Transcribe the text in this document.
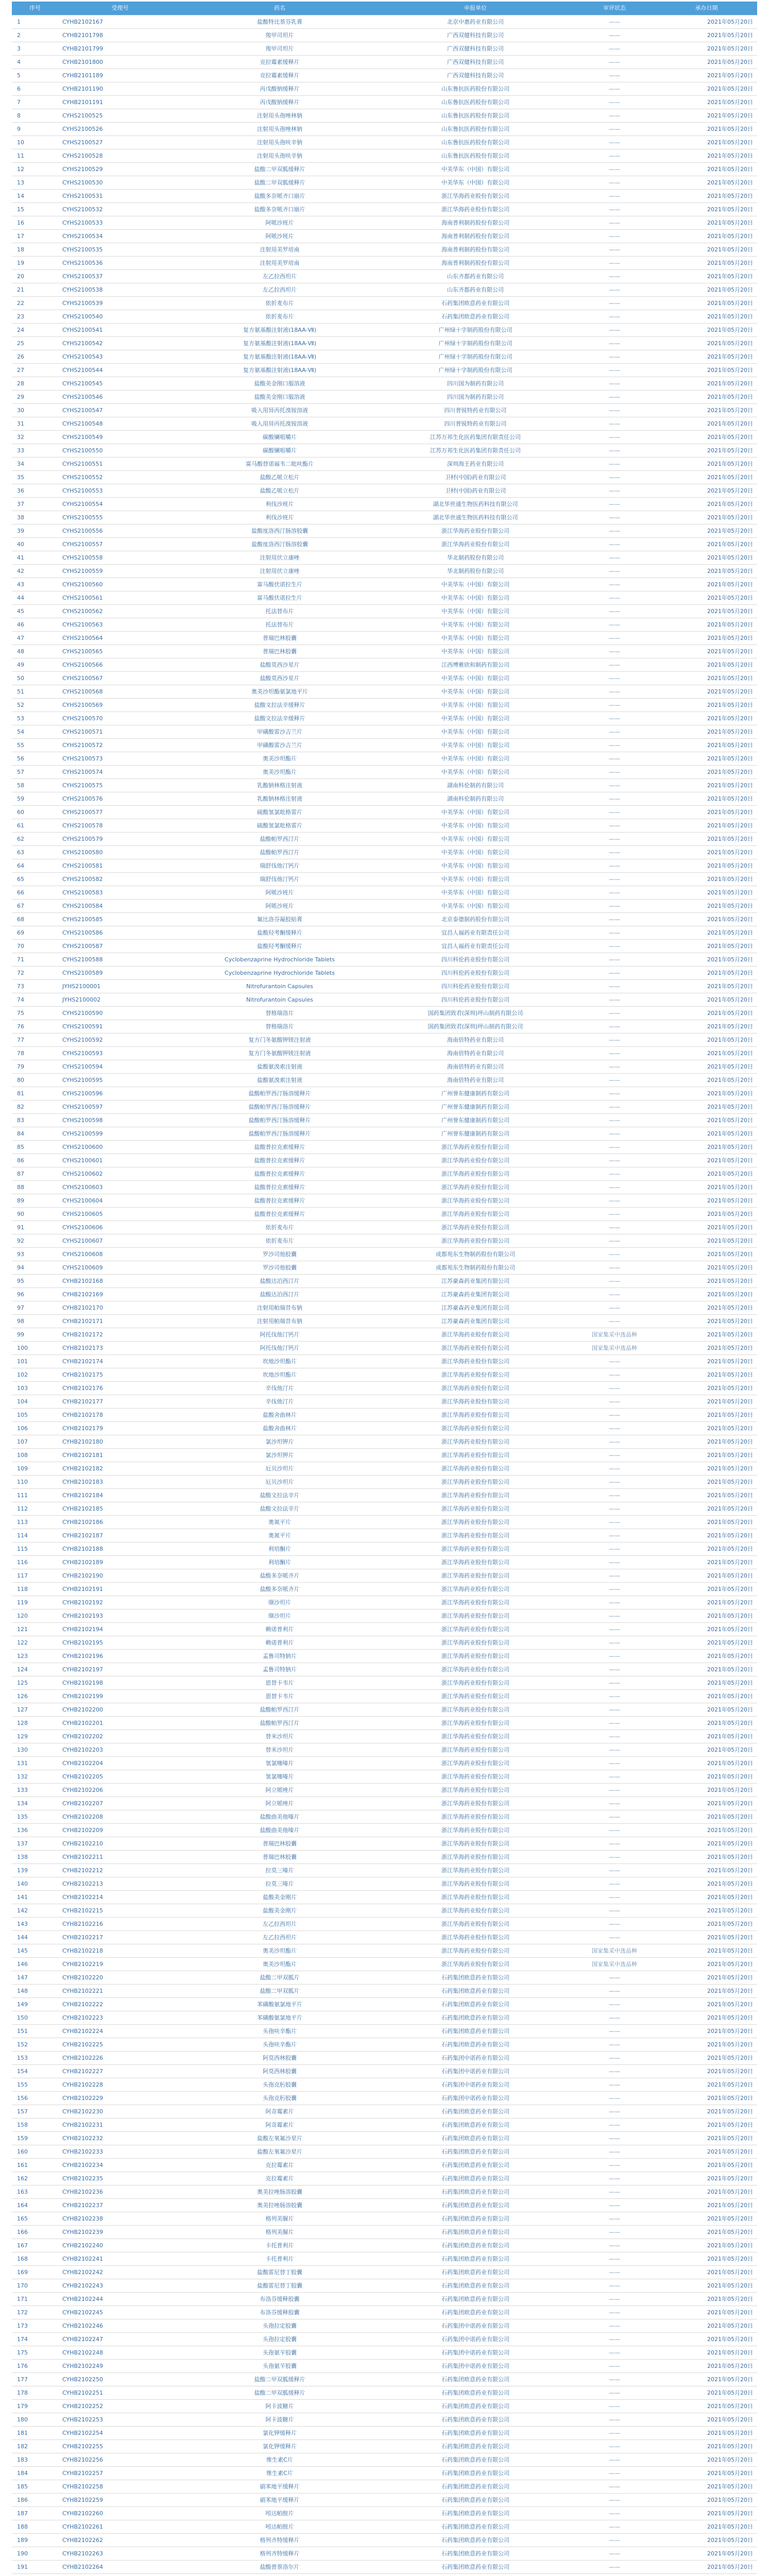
序号	受理号	药名	申报单位	审评状态	承办日期
1	CYHB2102167	盐酸特比萘芬乳膏	北京中惠药业有限公司	——	2021年05月20日
2	CYHB2101798	羧甲司坦片	广西双健科技有限公司	——	2021年05月20日
3	CYHB2101799	羧甲司坦片	广西双健科技有限公司	——	2021年05月20日
4	CYHB2101800	克拉霉素缓释片	广西双健科技有限公司	——	2021年05月20日
5	CYHB2101189	克拉霉素缓释片	广西双健科技有限公司	——	2021年05月20日
6	CYHB2101190	丙戊酸钠缓释片	山东鲁抗医药股份有限公司	——	2021年05月20日
7	CYHB2101191	丙戊酸钠缓释片	山东鲁抗医药股份有限公司	——	2021年05月20日
8	CYHS2100525	注射用头孢唑林钠	山东鲁抗医药股份有限公司	——	2021年05月20日
9	CYHS2100526	注射用头孢唑林钠	山东鲁抗医药股份有限公司	——	2021年05月20日
10	CYHS2100527	注射用头孢呋辛钠	山东鲁抗医药股份有限公司	——	2021年05月20日
11	CYHS2100528	注射用头孢呋辛钠	山东鲁抗医药股份有限公司	——	2021年05月20日
12	CYHS2100529	盐酸二甲双胍缓释片	中美华东（中国）有限公司	——	2021年05月20日
13	CYHS2100530	盐酸二甲双胍缓释片	中美华东（中国）有限公司	——	2021年05月20日
14	CYHS2100531	盐酸多奈哌齐口崩片	浙江华海药业股份有限公司	——	2021年05月20日
15	CYHS2100532	盐酸多奈哌齐口崩片	浙江华海药业股份有限公司	——	2021年05月20日
16	CYHS2100533	阿哌沙班片	海南普利制药股份有限公司	——	2021年05月20日
17	CYHS2100534	阿哌沙班片	海南普利制药股份有限公司	——	2021年05月20日
18	CYHS2100535	注射用美罗培南	海南普利制药股份有限公司	——	2021年05月20日
19	CYHS2100536	注射用美罗培南	海南普利制药股份有限公司	——	2021年05月20日
20	CYHS2100537	左乙拉西坦片	山东齐都药业有限公司	——	2021年05月20日
21	CYHS2100538	左乙拉西坦片	山东齐都药业有限公司	——	2021年05月20日
22	CYHS2100539	依折麦布片	石药集团欧意药业有限公司	——	2021年05月20日
23	CYHS2100540	依折麦布片	石药集团欧意药业有限公司	——	2021年05月20日
24	CYHS2100541	复方氨基酸注射液(18AA-Ⅶ)	广州绿十字制药股份有限公司	——	2021年05月20日
25	CYHS2100542	复方氨基酸注射液(18AA-Ⅶ)	广州绿十字制药股份有限公司	——	2021年05月20日
26	CYHS2100543	复方氨基酸注射液(18AA-Ⅶ)	广州绿十字制药股份有限公司	——	2021年05月20日
27	CYHS2100544	复方氨基酸注射液(18AA-Ⅶ)	广州绿十字制药股份有限公司	——	2021年05月20日
28	CYHS2100545	盐酸美金刚口服溶液	四川国为制药有限公司	——	2021年05月20日
29	CYHS2100546	盐酸美金刚口服溶液	四川国为制药有限公司	——	2021年05月20日
30	CYHS2100547	吸入用异丙托溴铵溶液	四川普锐特药业有限公司	——	2021年05月20日
31	CYHS2100548	吸入用异丙托溴铵溶液	四川普锐特药业有限公司	——	2021年05月20日
32	CYHS2100549	碳酸镧咀嚼片	江苏万邦生化医药集团有限责任公司	——	2021年05月20日
33	CYHS2100550	碳酸镧咀嚼片	江苏万邦生化医药集团有限责任公司	——	2021年05月20日
34	CYHS2100551	富马酸替诺福韦二吡呋酯片	深圳海王药业有限公司	——	2021年05月20日
35	CYHS2100552	盐酸乙哌立松片	卫材(中国)药业有限公司	——	2021年05月20日
36	CYHS2100553	盐酸乙哌立松片	卫材(中国)药业有限公司	——	2021年05月20日
37	CYHS2100554	利伐沙班片	湖北华世通生物医药科技有限公司	——	2021年05月20日
38	CYHS2100555	利伐沙班片	湖北华世通生物医药科技有限公司	——	2021年05月20日
39	CYHS2100556	盐酸度洛西汀肠溶胶囊	浙江华海药业股份有限公司	——	2021年05月20日
40	CYHS2100557	盐酸度洛西汀肠溶胶囊	浙江华海药业股份有限公司	——	2021年05月20日
41	CYHS2100558	注射用伏立康唑	华北制药股份有限公司	——	2021年05月20日
42	CYHS2100559	注射用伏立康唑	华北制药股份有限公司	——	2021年05月20日
43	CYHS2100560	富马酸伏诺拉生片	中美华东（中国）有限公司	——	2021年05月20日
44	CYHS2100561	富马酸伏诺拉生片	中美华东（中国）有限公司	——	2021年05月20日
45	CYHS2100562	托法替布片	中美华东（中国）有限公司	——	2021年05月20日
46	CYHS2100563	托法替布片	中美华东（中国）有限公司	——	2021年05月20日
47	CYHS2100564	普瑞巴林胶囊	中美华东（中国）有限公司	——	2021年05月20日
48	CYHS2100565	普瑞巴林胶囊	中美华东（中国）有限公司	——	2021年05月20日
49	CYHS2100566	盐酸莫西沙星片	江西博雅欣和制药有限公司	——	2021年05月20日
50	CYHS2100567	盐酸莫西沙星片	中美华东（中国）有限公司	——	2021年05月20日
51	CYHS2100568	奥美沙坦酯氨氯地平片	中美华东（中国）有限公司	——	2021年05月20日
52	CYHS2100569	盐酸文拉法辛缓释片	中美华东（中国）有限公司	——	2021年05月20日
53	CYHS2100570	盐酸文拉法辛缓释片	中美华东（中国）有限公司	——	2021年05月20日
54	CYHS2100571	甲磺酸雷沙吉兰片	中美华东（中国）有限公司	——	2021年05月20日
55	CYHS2100572	甲磺酸雷沙吉兰片	中美华东（中国）有限公司	——	2021年05月20日
56	CYHS2100573	奥美沙坦酯片	中美华东（中国）有限公司	——	2021年05月20日
57	CYHS2100574	奥美沙坦酯片	中美华东（中国）有限公司	——	2021年05月20日
58	CYHS2100575	乳酸钠林格注射液	湖南科伦制药有限公司	——	2021年05月20日
59	CYHS2100576	乳酸钠林格注射液	湖南科伦制药有限公司	——	2021年05月20日
60	CYHS2100577	硫酸氢氯吡格雷片	中美华东（中国）有限公司	——	2021年05月20日
61	CYHS2100578	硫酸氢氯吡格雷片	中美华东（中国）有限公司	——	2021年05月20日
62	CYHS2100579	盐酸帕罗西汀片	中美华东（中国）有限公司	——	2021年05月20日
63	CYHS2100580	盐酸帕罗西汀片	中美华东（中国）有限公司	——	2021年05月20日
64	CYHS2100581	瑞舒伐他汀钙片	中美华东（中国）有限公司	——	2021年05月20日
65	CYHS2100582	瑞舒伐他汀钙片	中美华东（中国）有限公司	——	2021年05月20日
66	CYHS2100583	阿哌沙班片	中美华东（中国）有限公司	——	2021年05月20日
67	CYHS2100584	阿哌沙班片	中美华东（中国）有限公司	——	2021年05月20日
68	CYHS2100585	氟比洛芬凝胶贴膏	北京泰德制药股份有限公司	——	2021年05月20日
69	CYHS2100586	盐酸羟考酮缓释片	宜昌人福药业有限责任公司	——	2021年05月20日
70	CYHS2100587	盐酸羟考酮缓释片	宜昌人福药业有限责任公司	——	2021年05月20日
71	CYHS2100588	Cyclobenzaprine Hydrochloride Tablets	四川科伦药业股份有限公司	——	2021年05月20日
72	CYHS2100589	Cyclobenzaprine Hydrochloride Tablets	四川科伦药业股份有限公司	——	2021年05月20日
73	JYHS2100001	Nitrofurantoin Capsules	四川科伦药业股份有限公司	——	2021年05月20日
74	JYHS2100002	Nitrofurantoin Capsules	四川科伦药业股份有限公司	——	2021年05月20日
75	CYHS2100590	替格瑞洛片	国药集团致君(深圳)坪山制药有限公司	——	2021年05月20日
76	CYHS2100591	替格瑞洛片	国药集团致君(深圳)坪山制药有限公司	——	2021年05月20日
77	CYHS2100592	复方门冬氨酸钾镁注射液	海南倍特药业有限公司	——	2021年05月20日
78	CYHS2100593	复方门冬氨酸钾镁注射液	海南倍特药业有限公司	——	2021年05月20日
79	CYHS2100594	盐酸氨溴索注射液	海南倍特药业有限公司	——	2021年05月20日
80	CYHS2100595	盐酸氨溴索注射液	海南倍特药业有限公司	——	2021年05月20日
81	CYHS2100596	盐酸帕罗西汀肠溶缓释片	广州誉东健康制药有限公司	——	2021年05月20日
82	CYHS2100597	盐酸帕罗西汀肠溶缓释片	广州誉东健康制药有限公司	——	2021年05月20日
83	CYHS2100598	盐酸帕罗西汀肠溶缓释片	广州誉东健康制药有限公司	——	2021年05月20日
84	CYHS2100599	盐酸帕罗西汀肠溶缓释片	广州誉东健康制药有限公司	——	2021年05月20日
85	CYHS2100600	盐酸普拉克索缓释片	浙江华海药业股份有限公司	——	2021年05月20日
86	CYHS2100601	盐酸普拉克索缓释片	浙江华海药业股份有限公司	——	2021年05月20日
87	CYHS2100602	盐酸普拉克索缓释片	浙江华海药业股份有限公司	——	2021年05月20日
88	CYHS2100603	盐酸普拉克索缓释片	浙江华海药业股份有限公司	——	2021年05月20日
89	CYHS2100604	盐酸普拉克索缓释片	浙江华海药业股份有限公司	——	2021年05月20日
90	CYHS2100605	盐酸普拉克索缓释片	浙江华海药业股份有限公司	——	2021年05月20日
91	CYHS2100606	依折麦布片	浙江华海药业股份有限公司	——	2021年05月20日
92	CYHS2100607	依折麦布片	浙江华海药业股份有限公司	——	2021年05月20日
93	CYHS2100608	罗沙司他胶囊	成都苑东生物制药股份有限公司	——	2021年05月20日
94	CYHS2100609	罗沙司他胶囊	成都苑东生物制药股份有限公司	——	2021年05月20日
95	CYHB2102168	盐酸达泊西汀片	江苏豪森药业集团有限公司	——	2021年05月20日
96	CYHB2102169	盐酸达泊西汀片	江苏豪森药业集团有限公司	——	2021年05月20日
97	CYHB2102170	注射用帕瑞昔布钠	江苏豪森药业集团有限公司	——	2021年05月20日
98	CYHB2102171	注射用帕瑞昔布钠	江苏豪森药业集团有限公司	——	2021年05月20日
99	CYHB2102172	阿托伐他汀钙片	浙江华海药业股份有限公司	国家集采中选品种	2021年05月20日
100	CYHB2102173	阿托伐他汀钙片	浙江华海药业股份有限公司	国家集采中选品种	2021年05月20日
101	CYHB2102174	坎地沙坦酯片	浙江华海药业股份有限公司	——	2021年05月20日
102	CYHB2102175	坎地沙坦酯片	浙江华海药业股份有限公司	——	2021年05月20日
103	CYHB2102176	辛伐他汀片	浙江华海药业股份有限公司	——	2021年05月20日
104	CYHB2102177	辛伐他汀片	浙江华海药业股份有限公司	——	2021年05月20日
105	CYHB2102178	盐酸舍曲林片	浙江华海药业股份有限公司	——	2021年05月20日
106	CYHB2102179	盐酸舍曲林片	浙江华海药业股份有限公司	——	2021年05月20日
107	CYHB2102180	氯沙坦钾片	浙江华海药业股份有限公司	——	2021年05月20日
108	CYHB2102181	氯沙坦钾片	浙江华海药业股份有限公司	——	2021年05月20日
109	CYHB2102182	厄贝沙坦片	浙江华海药业股份有限公司	——	2021年05月20日
110	CYHB2102183	厄贝沙坦片	浙江华海药业股份有限公司	——	2021年05月20日
111	CYHB2102184	盐酸文拉法辛片	浙江华海药业股份有限公司	——	2021年05月20日
112	CYHB2102185	盐酸文拉法辛片	浙江华海药业股份有限公司	——	2021年05月20日
113	CYHB2102186	奥氮平片	浙江华海药业股份有限公司	——	2021年05月20日
114	CYHB2102187	奥氮平片	浙江华海药业股份有限公司	——	2021年05月20日
115	CYHB2102188	利培酮片	浙江华海药业股份有限公司	——	2021年05月20日
116	CYHB2102189	利培酮片	浙江华海药业股份有限公司	——	2021年05月20日
117	CYHB2102190	盐酸多奈哌齐片	浙江华海药业股份有限公司	——	2021年05月20日
118	CYHB2102191	盐酸多奈哌齐片	浙江华海药业股份有限公司	——	2021年05月20日
119	CYHB2102192	缬沙坦片	浙江华海药业股份有限公司	——	2021年05月20日
120	CYHB2102193	缬沙坦片	浙江华海药业股份有限公司	——	2021年05月20日
121	CYHB2102194	赖诺普利片	浙江华海药业股份有限公司	——	2021年05月20日
122	CYHB2102195	赖诺普利片	浙江华海药业股份有限公司	——	2021年05月20日
123	CYHB2102196	孟鲁司特钠片	浙江华海药业股份有限公司	——	2021年05月20日
124	CYHB2102197	孟鲁司特钠片	浙江华海药业股份有限公司	——	2021年05月20日
125	CYHB2102198	恩替卡韦片	浙江华海药业股份有限公司	——	2021年05月20日
126	CYHB2102199	恩替卡韦片	浙江华海药业股份有限公司	——	2021年05月20日
127	CYHB2102200	盐酸帕罗西汀片	浙江华海药业股份有限公司	——	2021年05月20日
128	CYHB2102201	盐酸帕罗西汀片	浙江华海药业股份有限公司	——	2021年05月20日
129	CYHB2102202	替米沙坦片	浙江华海药业股份有限公司	——	2021年05月20日
130	CYHB2102203	替米沙坦片	浙江华海药业股份有限公司	——	2021年05月20日
131	CYHB2102204	氢氯噻嗪片	浙江华海药业股份有限公司	——	2021年05月20日
132	CYHB2102205	氢氯噻嗪片	浙江华海药业股份有限公司	——	2021年05月20日
133	CYHB2102206	阿立哌唑片	浙江华海药业股份有限公司	——	2021年05月20日
134	CYHB2102207	阿立哌唑片	浙江华海药业股份有限公司	——	2021年05月20日
135	CYHB2102208	盐酸曲美他嗪片	浙江华海药业股份有限公司	——	2021年05月20日
136	CYHB2102209	盐酸曲美他嗪片	浙江华海药业股份有限公司	——	2021年05月20日
137	CYHB2102210	普瑞巴林胶囊	浙江华海药业股份有限公司	——	2021年05月20日
138	CYHB2102211	普瑞巴林胶囊	浙江华海药业股份有限公司	——	2021年05月20日
139	CYHB2102212	拉莫三嗪片	浙江华海药业股份有限公司	——	2021年05月20日
140	CYHB2102213	拉莫三嗪片	浙江华海药业股份有限公司	——	2021年05月20日
141	CYHB2102214	盐酸美金刚片	浙江华海药业股份有限公司	——	2021年05月20日
142	CYHB2102215	盐酸美金刚片	浙江华海药业股份有限公司	——	2021年05月20日
143	CYHB2102216	左乙拉西坦片	浙江华海药业股份有限公司	——	2021年05月20日
144	CYHB2102217	左乙拉西坦片	浙江华海药业股份有限公司	——	2021年05月20日
145	CYHB2102218	奥美沙坦酯片	浙江华海药业股份有限公司	国家集采中选品种	2021年05月20日
146	CYHB2102219	奥美沙坦酯片	浙江华海药业股份有限公司	国家集采中选品种	2021年05月20日
147	CYHB2102220	盐酸二甲双胍片	石药集团欧意药业有限公司	——	2021年05月20日
148	CYHB2102221	盐酸二甲双胍片	石药集团欧意药业有限公司	——	2021年05月20日
149	CYHB2102222	苯磺酸氨氯地平片	石药集团欧意药业有限公司	——	2021年05月20日
150	CYHB2102223	苯磺酸氨氯地平片	石药集团欧意药业有限公司	——	2021年05月20日
151	CYHB2102224	头孢呋辛酯片	石药集团欧意药业有限公司	——	2021年05月20日
152	CYHB2102225	头孢呋辛酯片	石药集团欧意药业有限公司	——	2021年05月20日
153	CYHB2102226	阿莫西林胶囊	石药集团中诺药业有限公司	——	2021年05月20日
154	CYHB2102227	阿莫西林胶囊	石药集团中诺药业有限公司	——	2021年05月20日
155	CYHB2102228	头孢克肟胶囊	石药集团中诺药业有限公司	——	2021年05月20日
156	CYHB2102229	头孢克肟胶囊	石药集团中诺药业有限公司	——	2021年05月20日
157	CYHB2102230	阿奇霉素片	石药集团欧意药业有限公司	——	2021年05月20日
158	CYHB2102231	阿奇霉素片	石药集团欧意药业有限公司	——	2021年05月20日
159	CYHB2102232	盐酸左氧氟沙星片	石药集团欧意药业有限公司	——	2021年05月20日
160	CYHB2102233	盐酸左氧氟沙星片	石药集团欧意药业有限公司	——	2021年05月20日
161	CYHB2102234	克拉霉素片	石药集团欧意药业有限公司	——	2021年05月20日
162	CYHB2102235	克拉霉素片	石药集团欧意药业有限公司	——	2021年05月20日
163	CYHB2102236	奥美拉唑肠溶胶囊	石药集团欧意药业有限公司	——	2021年05月20日
164	CYHB2102237	奥美拉唑肠溶胶囊	石药集团欧意药业有限公司	——	2021年05月20日
165	CYHB2102238	格列美脲片	石药集团欧意药业有限公司	——	2021年05月20日
166	CYHB2102239	格列美脲片	石药集团欧意药业有限公司	——	2021年05月20日
167	CYHB2102240	卡托普利片	石药集团欧意药业有限公司	——	2021年05月20日
168	CYHB2102241	卡托普利片	石药集团欧意药业有限公司	——	2021年05月20日
169	CYHB2102242	盐酸雷尼替丁胶囊	石药集团欧意药业有限公司	——	2021年05月20日
170	CYHB2102243	盐酸雷尼替丁胶囊	石药集团欧意药业有限公司	——	2021年05月20日
171	CYHB2102244	布洛芬缓释胶囊	石药集团欧意药业有限公司	——	2021年05月20日
172	CYHB2102245	布洛芬缓释胶囊	石药集团欧意药业有限公司	——	2021年05月20日
173	CYHB2102246	头孢拉定胶囊	石药集团中诺药业有限公司	——	2021年05月20日
174	CYHB2102247	头孢拉定胶囊	石药集团中诺药业有限公司	——	2021年05月20日
175	CYHB2102248	头孢氨苄胶囊	石药集团中诺药业有限公司	——	2021年05月20日
176	CYHB2102249	头孢氨苄胶囊	石药集团中诺药业有限公司	——	2021年05月20日
177	CYHB2102250	盐酸二甲双胍缓释片	石药集团欧意药业有限公司	——	2021年05月20日
178	CYHB2102251	盐酸二甲双胍缓释片	石药集团欧意药业有限公司	——	2021年05月20日
179	CYHB2102252	阿卡波糖片	石药集团欧意药业有限公司	——	2021年05月20日
180	CYHB2102253	阿卡波糖片	石药集团欧意药业有限公司	——	2021年05月20日
181	CYHB2102254	氯化钾缓释片	石药集团欧意药业有限公司	——	2021年05月20日
182	CYHB2102255	氯化钾缓释片	石药集团欧意药业有限公司	——	2021年05月20日
183	CYHB2102256	维生素C片	石药集团欧意药业有限公司	——	2021年05月20日
184	CYHB2102257	维生素C片	石药集团欧意药业有限公司	——	2021年05月20日
185	CYHB2102258	硝苯地平缓释片	石药集团欧意药业有限公司	——	2021年05月20日
186	CYHB2102259	硝苯地平缓释片	石药集团欧意药业有限公司	——	2021年05月20日
187	CYHB2102260	吲达帕胺片	石药集团欧意药业有限公司	——	2021年05月20日
188	CYHB2102261	吲达帕胺片	石药集团欧意药业有限公司	——	2021年05月20日
189	CYHB2102262	格列齐特缓释片	石药集团欧意药业有限公司	——	2021年05月20日
190	CYHB2102263	格列齐特缓释片	石药集团欧意药业有限公司	——	2021年05月20日
191	CYHB2102264	盐酸普萘洛尔片	石药集团欧意药业有限公司	——	2021年05月20日
